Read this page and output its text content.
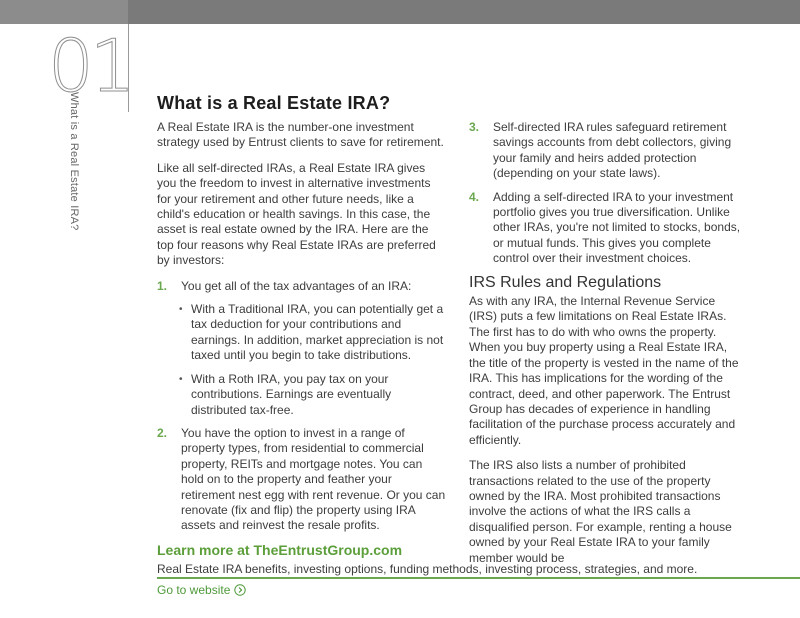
01
What is a Real Estate IRA?	What is a Real Estate IRA?

A Real Estate IRA is the number-one investment strategy used by Entrust clients to save for retirement.

Like all self-directed IRAs, a Real Estate IRA gives you the freedom to invest in alternative investments for your retirement and other future needs, like a child's education or health savings. In this case, the asset is real estate owned by the IRA. Here are the top four reasons why Real Estate IRAs are preferred by investors:

1. You get all of the tax advantages of an IRA:
• With a Traditional IRA, you can potentially get a tax deduction for your contributions and earnings. In addition, market appreciation is not taxed until you begin to take distributions.
• With a Roth IRA, you pay tax on your contributions. Earnings are eventually distributed tax-free.
2. You have the option to invest in a range of property types, from residential to commercial property, REITs and mortgage notes. You can hold on to the property and feather your retirement nest egg with rent revenue. Or you can renovate (fix and flip) the property using IRA assets and reinvest the resale profits.
3. Self-directed IRA rules safeguard retirement savings accounts from debt collectors, giving your family and heirs added protection (depending on your state laws).
4. Adding a self-directed IRA to your investment portfolio gives you true diversification. Unlike other IRAs, you're not limited to stocks, bonds, or mutual funds. This gives you complete control over their investment choices.
IRS Rules and Regulations

As with any IRA, the Internal Revenue Service (IRS) puts a few limitations on Real Estate IRAs. The first has to do with who owns the property. When you buy property using a Real Estate IRA, the title of the property is vested in the name of the IRA. This has implications for the wording of the contract, deed, and other paperwork. The Entrust Group has decades of experience in handling facilitation of the purchase process accurately and efficiently.

The IRS also lists a number of prohibited transactions related to the use of the property owned by the IRA. Most prohibited transactions involve the actions of what the IRS calls a disqualified person. For example, renting a house owned by your Real Estate IRA to your family member would be

Learn more at TheEntrustGroup.com
Real Estate IRA benefits, investing options, funding methods, investing process, strategies, and more.
Go to website
